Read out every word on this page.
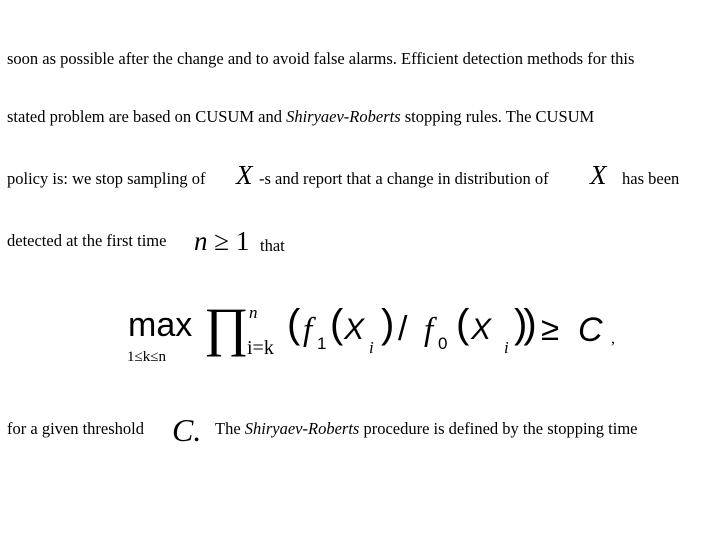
soon as possible after the change and to avoid false alarms. Efficient detection methods for this
stated problem are based on CUSUM and Shiryaev-Roberts stopping rules. The CUSUM
policy is: we stop sampling of X -s and report that a change in distribution of X has been
detected at the first time n ≥ 1 that
max
1≤k≤n ∏ n
i=k
( f 1 ( X
i
) / f 0 ( X
i
)) ≥ C ,
for a given threshold C. The Shiryaev-Roberts procedure is defined by the stopping time
